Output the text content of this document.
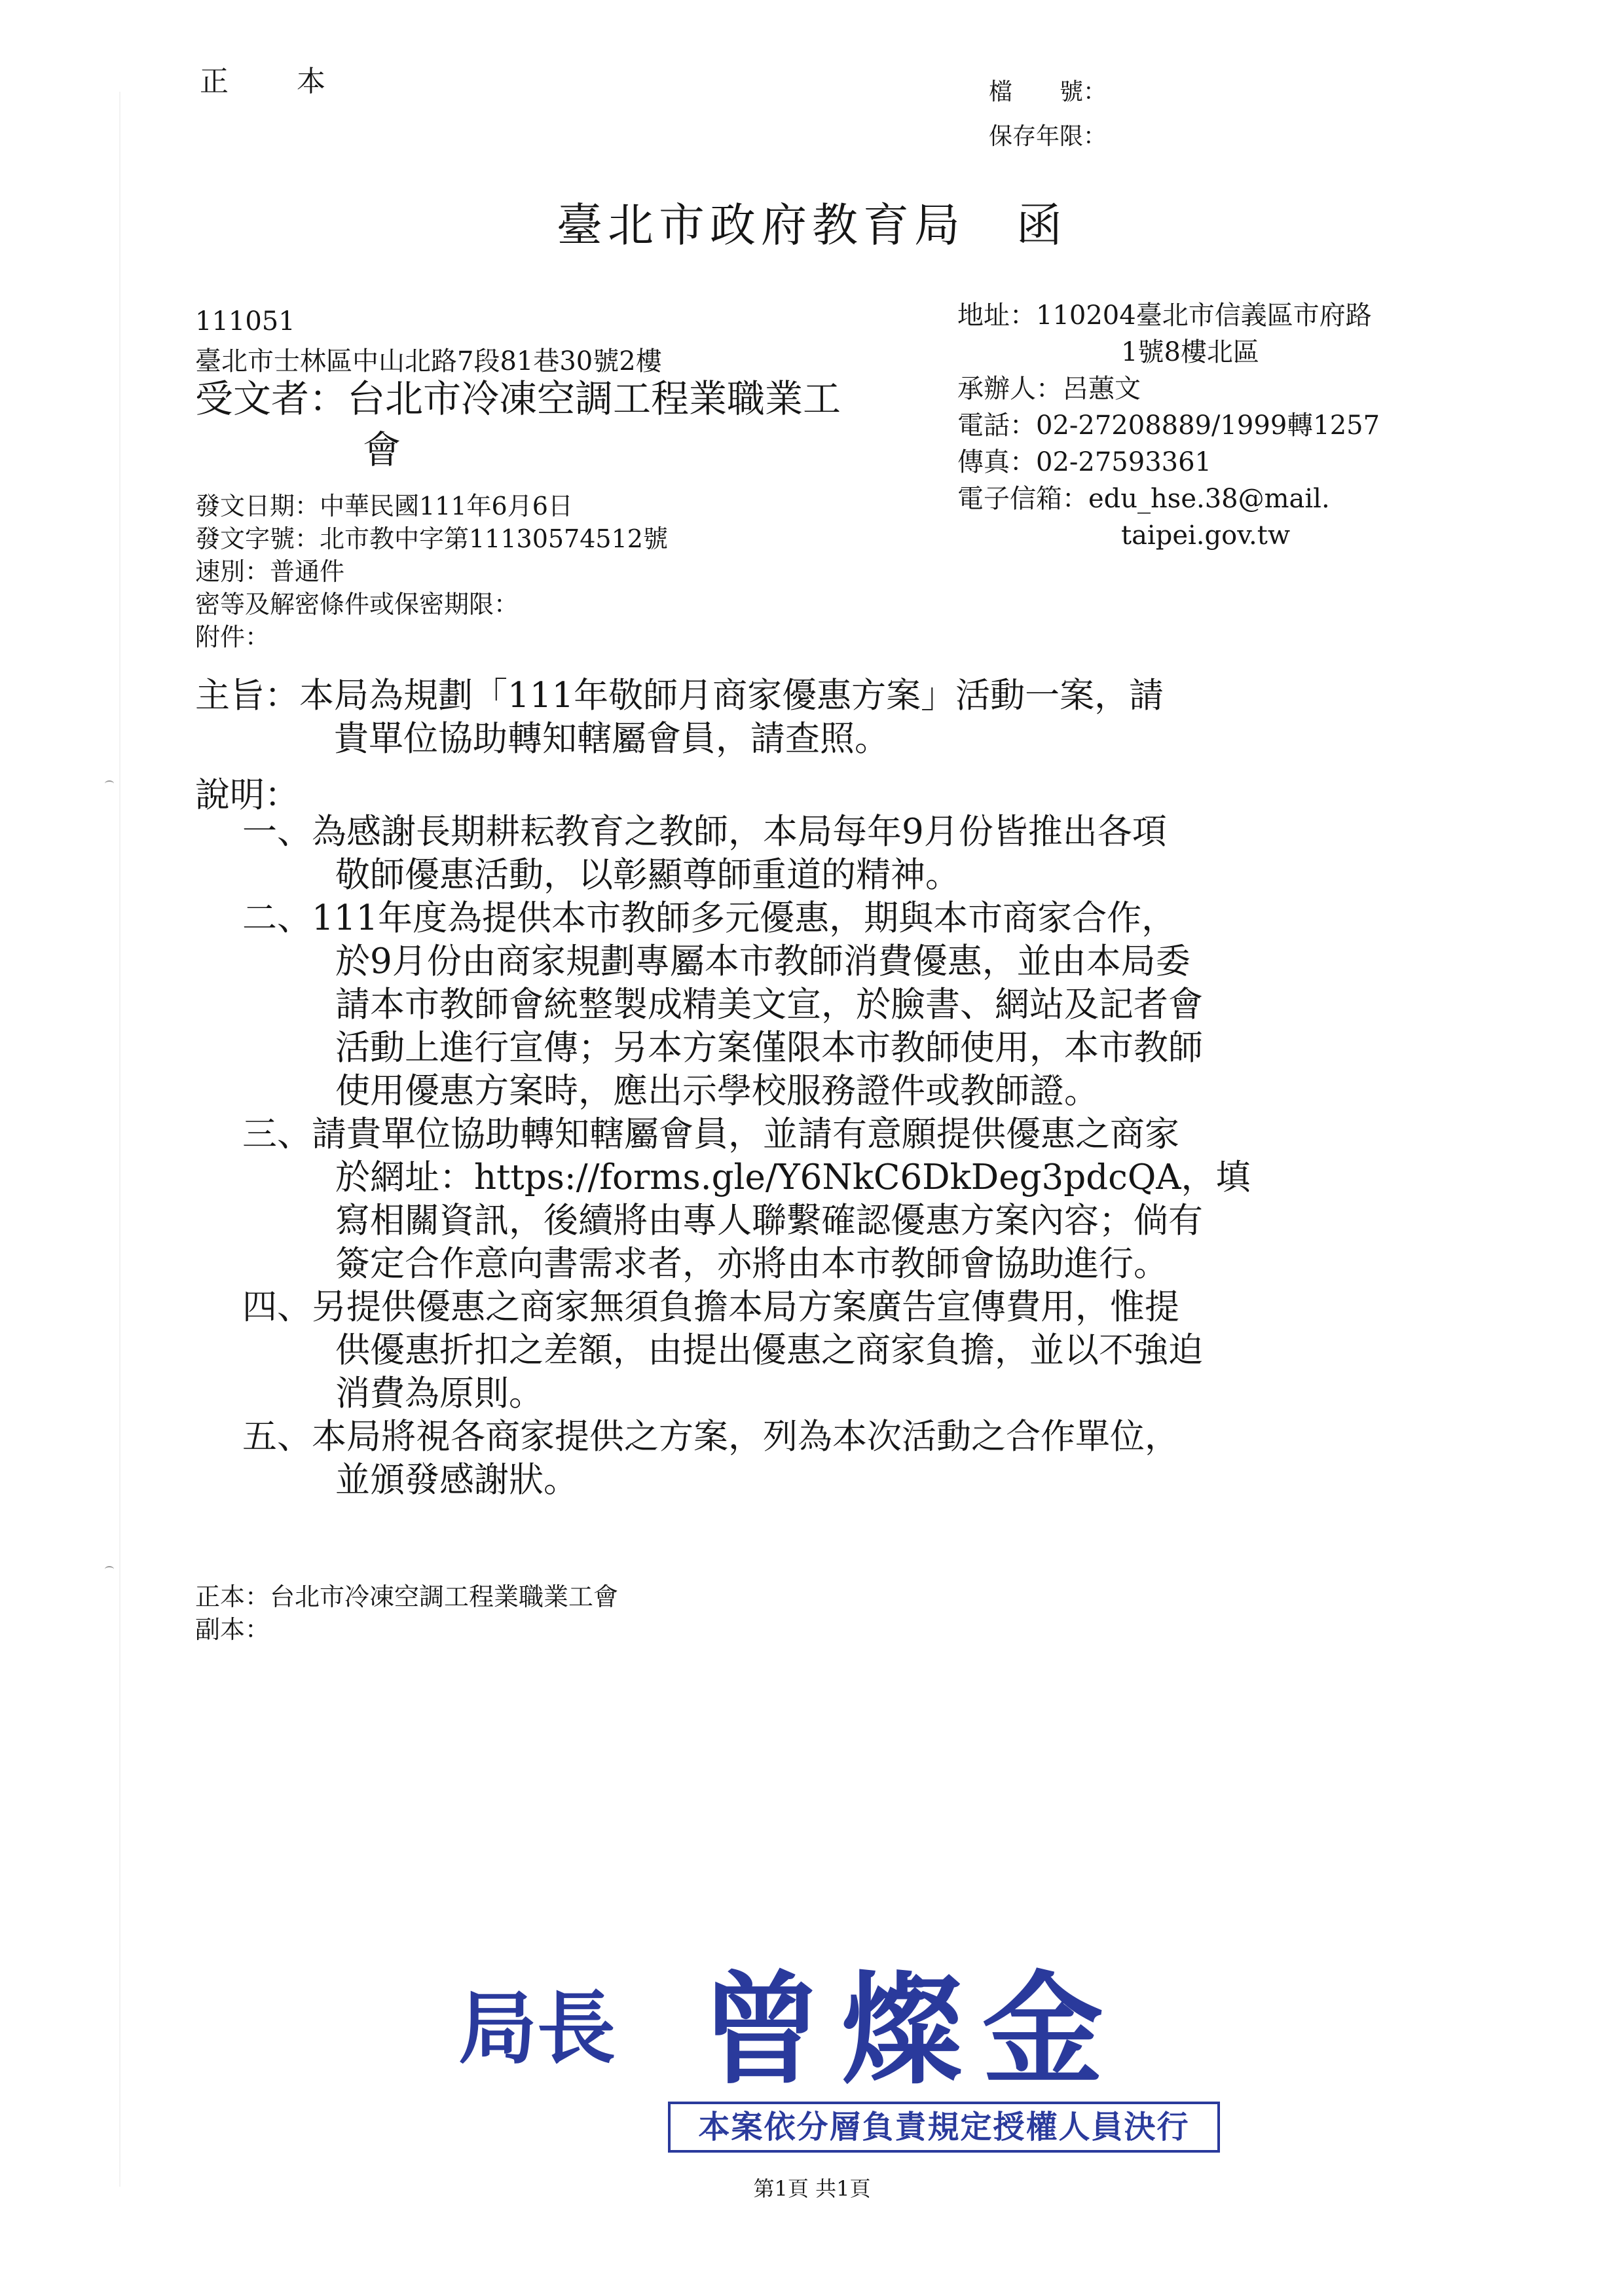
正　本	檔　　號：
保存年限：
臺北市政府教育局　函
111051
臺北市士林區中山北路7段81巷30號2樓
受文者：台北市冷凍空調工程業職業工
會
地址：110204臺北市信義區市府路
1號8樓北區
承辦人：呂蕙文
電話：02-27208889/1999轉1257
傳真：02-27593361
電子信箱：edu_hse.38@mail.
taipei.gov.tw
發文日期：中華民國111年6月6日
發文字號：北市教中字第11130574512號
速別：普通件
密等及解密條件或保密期限：
附件：
主旨：本局為規劃「111年敬師月商家優惠方案」活動一案，請
貴單位協助轉知轄屬會員，請查照。
說明：
一、為感謝長期耕耘教育之教師，本局每年9月份皆推出各項
敬師優惠活動，以彰顯尊師重道的精神。
二、111年度為提供本市教師多元優惠，期與本市商家合作，
於9月份由商家規劃專屬本市教師消費優惠，並由本局委
請本市教師會統整製成精美文宣，於臉書、網站及記者會
活動上進行宣傳；另本方案僅限本市教師使用，本市教師
使用優惠方案時，應出示學校服務證件或教師證。
三、請貴單位協助轉知轄屬會員，並請有意願提供優惠之商家
於網址：https://forms.gle/Y6NkC6DkDeg3pdcQA，填
寫相關資訊，後續將由專人聯繫確認優惠方案內容；倘有
簽定合作意向書需求者，亦將由本市教師會協助進行。
四、另提供優惠之商家無須負擔本局方案廣告宣傳費用，惟提
供優惠折扣之差額，由提出優惠之商家負擔，並以不強迫
消費為原則。
五、本局將視各商家提供之方案，列為本次活動之合作單位，
並頒發感謝狀。
正本：台北市冷凍空調工程業職業工會
副本：
局長 曾燦金
本案依分層負責規定授權人員決行
第1頁 共1頁
